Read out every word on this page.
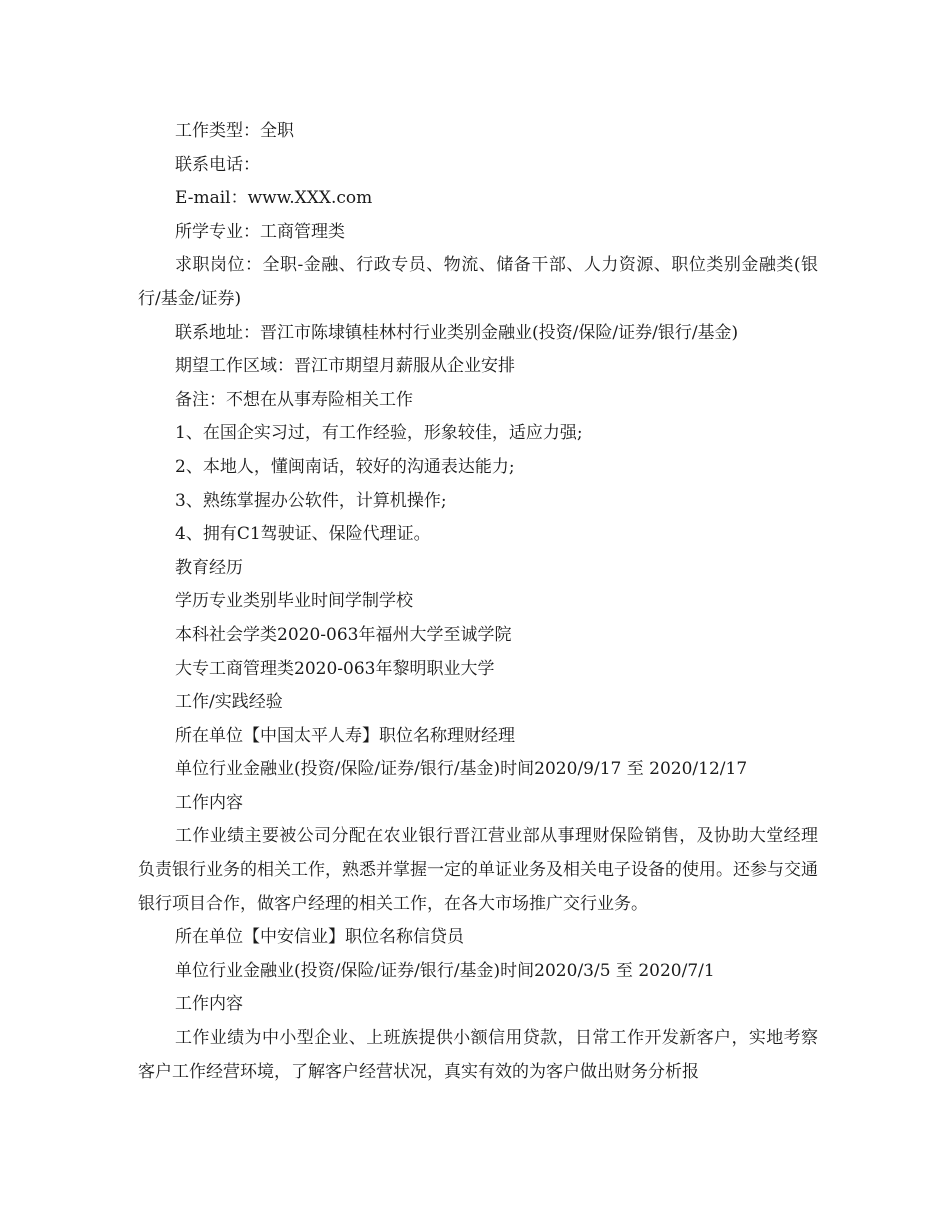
工作类型：全职

联系电话：

E-mail：www.XXX.com

所学专业：工商管理类

求职岗位：全职-金融、行政专员、物流、储备干部、人力资源、职位类别金融类(银行/基金/证券)

联系地址：晋江市陈埭镇桂林村行业类别金融业(投资/保险/证券/银行/基金)

期望工作区域：晋江市期望月薪服从企业安排

备注：不想在从事寿险相关工作

1、在国企实习过，有工作经验，形象较佳，适应力强;

2、本地人，懂闽南话，较好的沟通表达能力;

3、熟练掌握办公软件，计算机操作;

4、拥有C1驾驶证、保险代理证。

教育经历

学历专业类别毕业时间学制学校

本科社会学类2020-063年福州大学至诚学院

大专工商管理类2020-063年黎明职业大学

工作/实践经验

所在单位【中国太平人寿】职位名称理财经理

单位行业金融业(投资/保险/证券/银行/基金)时间2020/9/17 至 2020/12/17

工作内容

工作业绩主要被公司分配在农业银行晋江营业部从事理财保险销售，及协助大堂经理负责银行业务的相关工作，熟悉并掌握一定的单证业务及相关电子设备的使用。还参与交通银行项目合作，做客户经理的相关工作，在各大市场推广交行业务。

所在单位【中安信业】职位名称信贷员

单位行业金融业(投资/保险/证券/银行/基金)时间2020/3/5 至 2020/7/1

工作内容

工作业绩为中小型企业、上班族提供小额信用贷款，日常工作开发新客户，实地考察客户工作经营环境，了解客户经营状况，真实有效的为客户做出财务分析报
